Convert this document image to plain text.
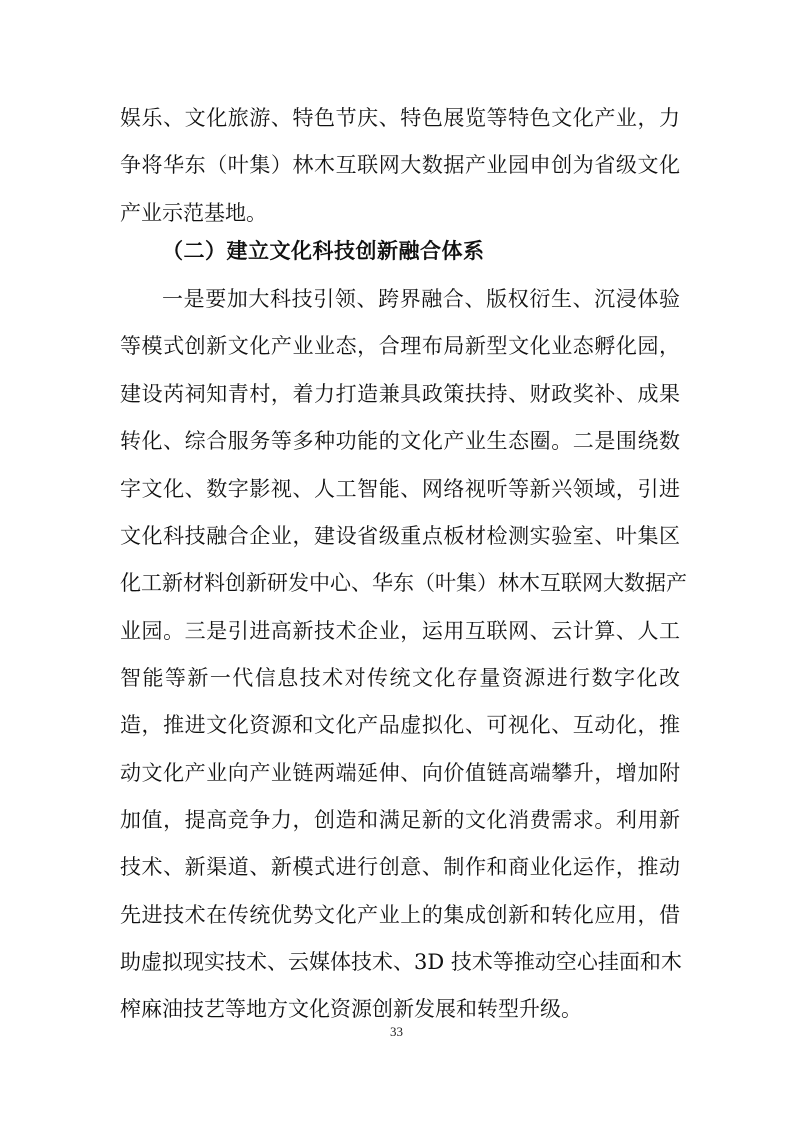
娱乐、文化旅游、特色节庆、特色展览等特色文化产业，力
争将华东（叶集）林木互联网大数据产业园申创为省级文化
产业示范基地。
（二）建立文化科技创新融合体系
一是要加大科技引领、跨界融合、版权衍生、沉浸体验
等模式创新文化产业业态，合理布局新型文化业态孵化园，
建设芮祠知青村，着力打造兼具政策扶持、财政奖补、成果
转化、综合服务等多种功能的文化产业生态圈。二是围绕数
字文化、数字影视、人工智能、网络视听等新兴领域，引进
文化科技融合企业，建设省级重点板材检测实验室、叶集区
化工新材料创新研发中心、华东（叶集）林木互联网大数据产
业园。三是引进高新技术企业，运用互联网、云计算、人工
智能等新一代信息技术对传统文化存量资源进行数字化改
造，推进文化资源和文化产品虚拟化、可视化、互动化，推
动文化产业向产业链两端延伸、向价值链高端攀升，增加附
加值，提高竞争力，创造和满足新的文化消费需求。利用新
技术、新渠道、新模式进行创意、制作和商业化运作，推动
先进技术在传统优势文化产业上的集成创新和转化应用，借
助虚拟现实技术、云媒体技术、3D 技术等推动空心挂面和木
榨麻油技艺等地方文化资源创新发展和转型升级。
33
